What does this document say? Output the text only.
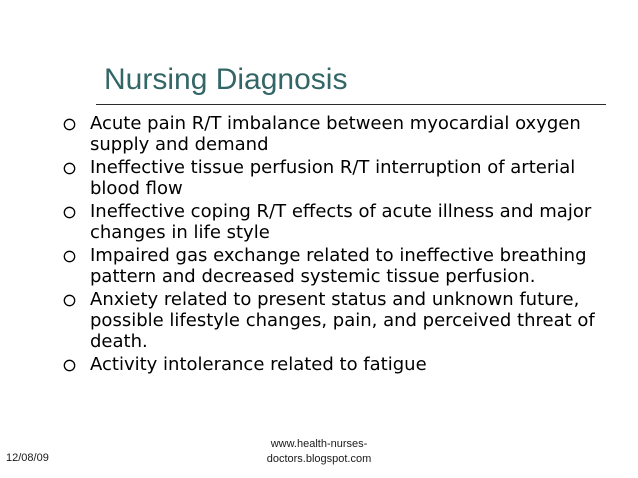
Nursing Diagnosis
Acute pain R/T imbalance between myocardial oxygen supply and demand
Ineffective tissue perfusion R/T interruption of arterial blood flow
Ineffective coping R/T effects of acute illness and major changes in life style
Impaired gas exchange related to ineffective breathing pattern and decreased systemic tissue perfusion.
Anxiety related to present status and unknown future, possible lifestyle changes, pain, and perceived threat of death.
Activity intolerance related to fatigue
12/08/09
www.health-nurses-
doctors.blogspot.com
